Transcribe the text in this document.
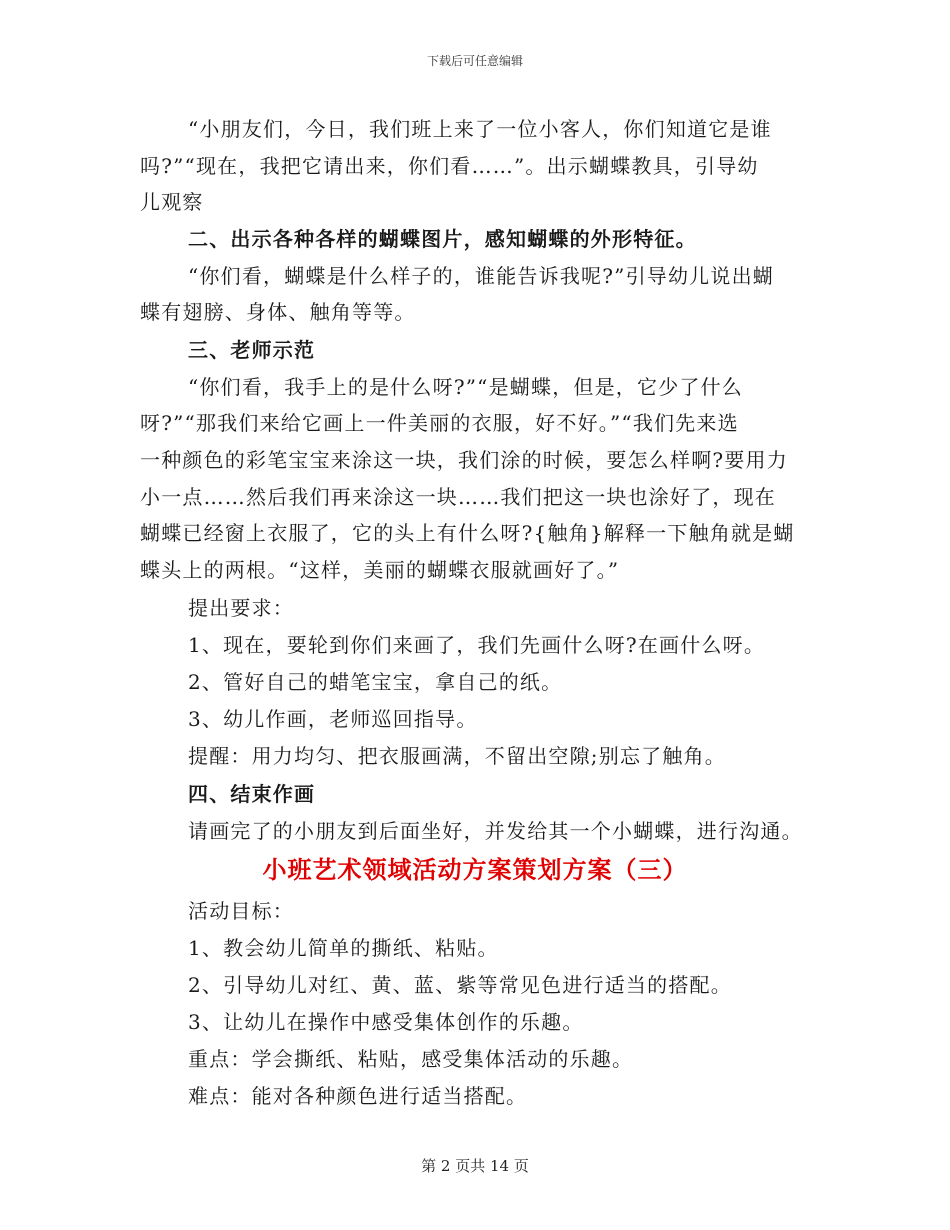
下载后可任意编辑
“小朋友们，今日，我们班上来了一位小客人，你们知道它是谁
吗?”“现在，我把它请出来，你们看……”。出示蝴蝶教具，引导幼
儿观察
二、出示各种各样的蝴蝶图片，感知蝴蝶的外形特征。
“你们看，蝴蝶是什么样子的，谁能告诉我呢?”引导幼儿说出蝴
蝶有翅膀、身体、触角等等。
三、老师示范
“你们看，我手上的是什么呀?”“是蝴蝶，但是，它少了什么
呀?”“那我们来给它画上一件美丽的衣服，好不好。”“我们先来选
一种颜色的彩笔宝宝来涂这一块，我们涂的时候，要怎么样啊?要用力
小一点……然后我们再来涂这一块……我们把这一块也涂好了，现在
蝴蝶已经窗上衣服了，它的头上有什么呀?{触角}解释一下触角就是蝴
蝶头上的两根。“这样，美丽的蝴蝶衣服就画好了。”
提出要求：
1、现在，要轮到你们来画了，我们先画什么呀?在画什么呀。
2、管好自己的蜡笔宝宝，拿自己的纸。
3、幼儿作画，老师巡回指导。
提醒：用力均匀、把衣服画满，不留出空隙;别忘了触角。
四、结束作画
请画完了的小朋友到后面坐好，并发给其一个小蝴蝶，进行沟通。
小班艺术领域活动方案策划方案（三）
活动目标：
1、教会幼儿简单的撕纸、粘贴。
2、引导幼儿对红、黄、蓝、紫等常见色进行适当的搭配。
3、让幼儿在操作中感受集体创作的乐趣。
重点：学会撕纸、粘贴，感受集体活动的乐趣。
难点：能对各种颜色进行适当搭配。
第 2 页共 14 页
